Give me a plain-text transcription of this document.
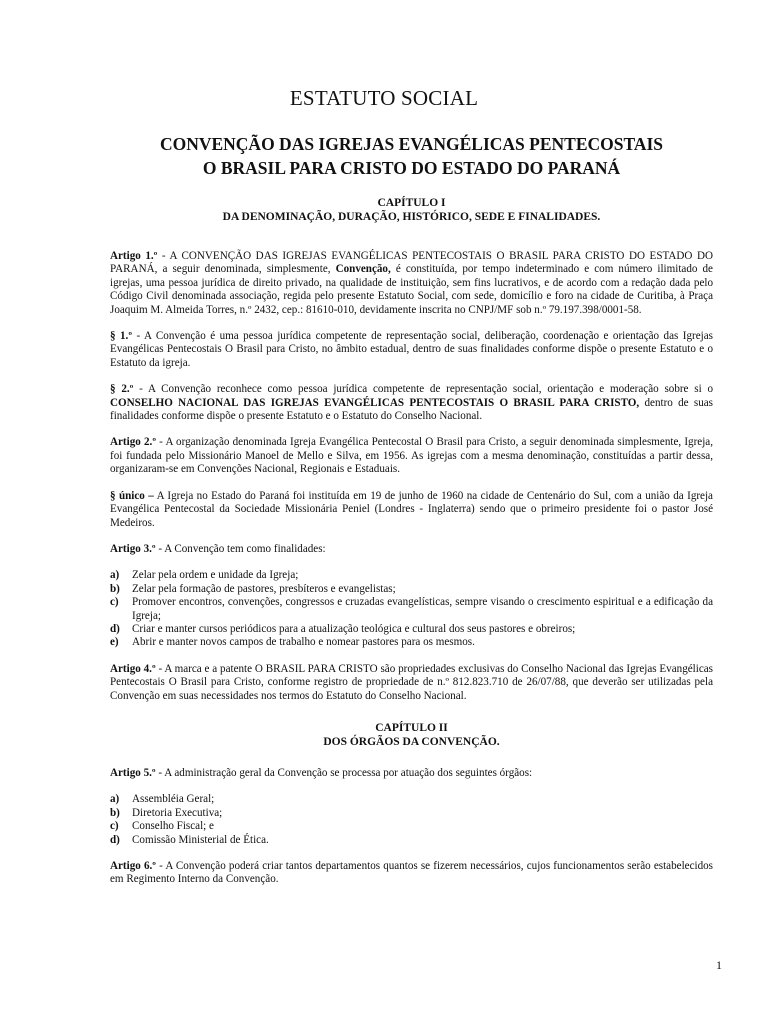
ESTATUTO SOCIAL
CONVENÇÃO DAS IGREJAS EVANGÉLICAS PENTECOSTAIS
O BRASIL PARA CRISTO DO ESTADO DO PARANÁ
CAPÍTULO I
DA DENOMINAÇÃO, DURAÇÃO, HISTÓRICO, SEDE E FINALIDADES.

Artigo 1.º - A CONVENÇÃO DAS IGREJAS EVANGÉLICAS PENTECOSTAIS O BRASIL PARA CRISTO DO ESTADO DO PARANÁ, a seguir denominada, simplesmente, Convenção, é constituída, por tempo indeterminado e com número ilimitado de igrejas, uma pessoa jurídica de direito privado, na qualidade de instituição, sem fins lucrativos, e de acordo com a redação dada pelo Código Civil denominada associação, regida pelo presente Estatuto Social, com sede, domicílio e foro na cidade de Curitiba, à Praça Joaquim M. Almeida Torres, n.º 2432, cep.: 81610-010, devidamente inscrita no CNPJ/MF sob n.º 79.197.398/0001-58.

§ 1.º - A Convenção é uma pessoa jurídica competente de representação social, deliberação, coordenação e orientação das Igrejas Evangélicas Pentecostais O Brasil para Cristo, no âmbito estadual, dentro de suas finalidades conforme dispõe o presente Estatuto e o Estatuto da igreja.

§ 2.º - A Convenção reconhece como pessoa jurídica competente de representação social, orientação e moderação sobre si o CONSELHO NACIONAL DAS IGREJAS EVANGÉLICAS PENTECOSTAIS O BRASIL PARA CRISTO, dentro de suas finalidades conforme dispõe o presente Estatuto e o Estatuto do Conselho Nacional.

Artigo 2.º - A organização denominada Igreja Evangélica Pentecostal O Brasil para Cristo, a seguir denominada simplesmente, Igreja, foi fundada pelo Missionário Manoel de Mello e Silva, em 1956. As igrejas com a mesma denominação, constituídas a partir dessa, organizaram-se em Convenções Nacional, Regionais e Estaduais.

§ único – A Igreja no Estado do Paraná foi instituída em 19 de junho de 1960 na cidade de Centenário do Sul, com a união da Igreja Evangélica Pentecostal da Sociedade Missionária Peniel (Londres - Inglaterra) sendo que o primeiro presidente foi o pastor José Medeiros.

Artigo 3.º - A Convenção tem como finalidades:

a)	Zelar pela ordem e unidade da Igreja;
b)	Zelar pela formação de pastores, presbíteros e evangelistas;
c)	Promover encontros, convenções, congressos e cruzadas evangelísticas, sempre visando o crescimento espiritual e a edificação da Igreja;
d)	Criar e manter cursos periódicos para a atualização teológica e cultural dos seus pastores e obreiros;
e)	Abrir e manter novos campos de trabalho e nomear pastores para os mesmos.

Artigo 4.º - A marca e a patente O BRASIL PARA CRISTO são propriedades exclusivas do Conselho Nacional das Igrejas Evangélicas Pentecostais O Brasil para Cristo, conforme registro de propriedade de n.º 812.823.710 de 26/07/88, que deverão ser utilizadas pela Convenção em suas necessidades nos termos do Estatuto do Conselho Nacional.

CAPÍTULO II
DOS ÓRGÃOS DA CONVENÇÃO.

Artigo 5.º - A administração geral da Convenção se processa por atuação dos seguintes órgãos:

a)	Assembléia Geral;
b)	Diretoria Executiva;
c)	Conselho Fiscal; e
d)	Comissão Ministerial de Ética.

Artigo 6.º - A Convenção poderá criar tantos departamentos quantos se fizerem necessários, cujos funcionamentos serão estabelecidos em Regimento Interno da Convenção.

1
